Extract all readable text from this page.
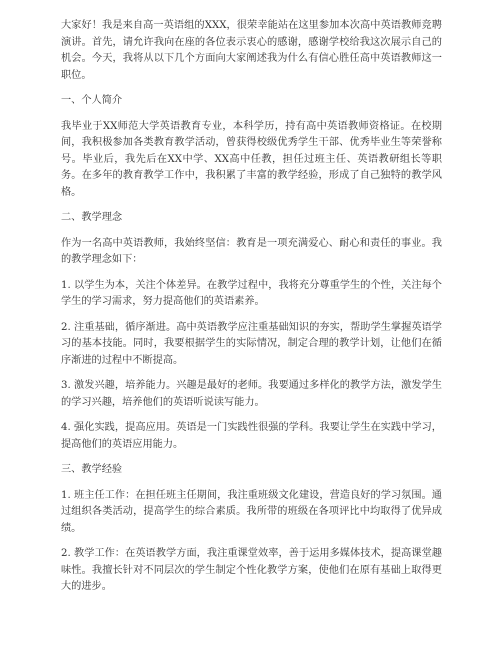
大家好！我是来自高一英语组的XXX，很荣幸能站在这里参加本次高中英语教师竞聘演讲。首先，请允许我向在座的各位表示衷心的感谢，感谢学校给我这次展示自己的机会。今天，我将从以下几个方面向大家阐述我为什么有信心胜任高中英语教师这一职位。

一、个人简介

我毕业于XX师范大学英语教育专业，本科学历，持有高中英语教师资格证。在校期间，我积极参加各类教育教学活动，曾获得校级优秀学生干部、优秀毕业生等荣誉称号。毕业后，我先后在XX中学、XX高中任教，担任过班主任、英语教研组长等职务。在多年的教育教学工作中，我积累了丰富的教学经验，形成了自己独特的教学风格。

二、教学理念

作为一名高中英语教师，我始终坚信：教育是一项充满爱心、耐心和责任的事业。我的教学理念如下：

1. 以学生为本，关注个体差异。在教学过程中，我将充分尊重学生的个性，关注每个学生的学习需求，努力提高他们的英语素养。

2. 注重基础，循序渐进。高中英语教学应注重基础知识的夯实，帮助学生掌握英语学习的基本技能。同时，我要根据学生的实际情况，制定合理的教学计划，让他们在循序渐进的过程中不断提高。

3. 激发兴趣，培养能力。兴趣是最好的老师。我要通过多样化的教学方法，激发学生的学习兴趣，培养他们的英语听说读写能力。

4. 强化实践，提高应用。英语是一门实践性很强的学科。我要让学生在实践中学习，提高他们的英语应用能力。

三、教学经验

1. 班主任工作：在担任班主任期间，我注重班级文化建设，营造良好的学习氛围。通过组织各类活动，提高学生的综合素质。我所带的班级在各项评比中均取得了优异成绩。

2. 教学工作：在英语教学方面，我注重课堂效率，善于运用多媒体技术，提高课堂趣味性。我擅长针对不同层次的学生制定个性化教学方案，使他们在原有基础上取得更大的进步。
